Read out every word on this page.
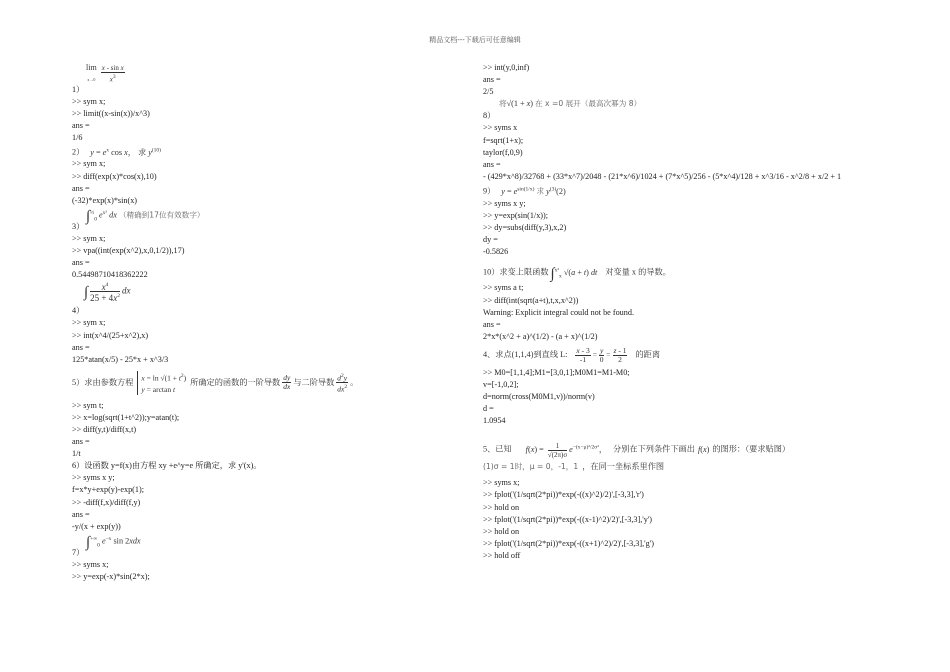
精品文档---下载后可任意编辑
lim
x→0
$\frac{\text{x - sin x}}{x^3}$
1）
>> sym x;
>> limit((x-sin(x))/x^3)
ans =
1/6
2） $y = e^x$ cos x， 求 $y^{(10)}$
>> sym x;
>> diff(exp(x)*cos(x),10)
ans =
(-32)*exp(x)*sin(x)
∫$^{\frac{1}{2}}_0$ $e^{x^2}$ dx （精确到17位有效数字）
3）
>> sym x;
>> vpa((int(exp(x^2),x,0,1/2)),17)
ans =
0.54498710418362222
∫ $\frac{x^4}{25 + 4x^2}$ dx
4）
>> sym x;
>> int(x^4/(25+x^2),x)
ans =
125*atan(x/5) - 25*x + x^3/3
5）求由参数方程 $x = \ln √(1 + t^2)$
y = arctan t
所确定的函数的一阶导数 $\frac{dy}{dx}$ 与二阶导数 $\frac{d^2y}{dx^2}$ 。
>> sym t;
>> x=log(sqrt(1+t^2));y=atan(t);
>> diff(y,t)/diff(x,t)
ans =
1/t
6）设函数 y=f(x)由方程 xy +e^y=e 所确定，求 y'(x)。
>> syms x y;
f=x*y+exp(y)-exp(1);
>> -diff(f,x)/diff(f,y)
ans =
-y/(x + exp(y))
$\int^{+\infty}_0$ $e^{-x}$ sin 2xdx
7）
>> syms x;
>> y=exp(-x)*sin(2*x);
>> int(y,0,inf)
ans =
2/5
将√(1 + x) 在 x =0 展开（最高次幂为 8）
8）
>> syms x
f=sqrt(1+x);
taylor(f,0,9)
ans =
- (429*x^8)/32768 + (33*x^7)/2048 - (21*x^6)/1024 + (7*x^5)/256 - (5*x^4)/128 + x^3/16 - x^2/8 + x/2 + 1
9） $y = e^{sin(1/x)}$ 求 $y^{(3)}(2)$
>> syms x y;
>> y=exp(sin(1/x));
>> dy=subs(diff(y,3),x,2)
dy =
-0.5826
10）求变上限函数 ∫$^{x^2}_x$ √(a + t) dt 对变量 x 的导数。
>> syms a t;
>> diff(int(sqrt(a+t),t,x,x^2))
Warning: Explicit integral could not be found.
ans =
2*x*(x^2 + a)^(1/2) - (a + x)^(1/2)
4、求点(1,1,4)到直线 L: $\frac{x - 3}{-1} = \frac{y}{0} = \frac{z - 1}{2}$ 的距离
>> M0=[1,1,4];M1=[3,0,1];M0M1=M1-M0;
v=[-1,0,2];
d=norm(cross(M0M1,v))/norm(v)
d =
1.0954
5、已知 $f(x) = \frac{1}{√(2\pi)\sigma} e^{-(x-\mu)^2/2\sigma^2}$， 分别在下列条件下画出 f(x) 的图形：（要求贴图）
(1)σ = 1时，μ = 0，-1，1 ，在同一坐标系里作图
>> syms x;
>> fplot('(1/sqrt(2*pi))*exp(-((x)^2)/2)',[-3,3],'r')
>> hold on
>> fplot('(1/sqrt(2*pi))*exp(-((x-1)^2)/2)',[-3,3],'y')
>> hold on
>> fplot('(1/sqrt(2*pi))*exp(-((x+1)^2)/2)',[-3,3],'g')
>> hold off
